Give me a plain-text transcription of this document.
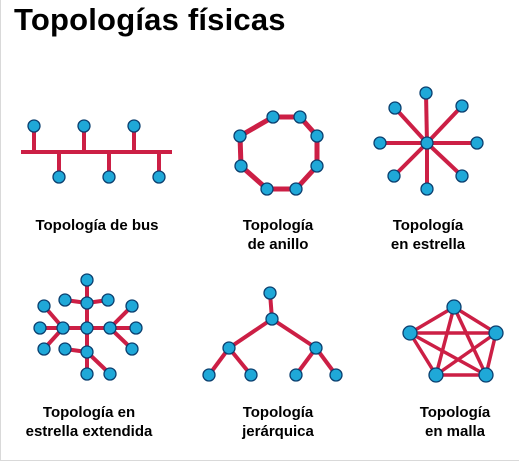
Topologías físicas
Topología de bus	Topología
de anillo
Topología
en estrella
Topología en
estrella extendida
Topología
jerárquica
Topología
en malla
